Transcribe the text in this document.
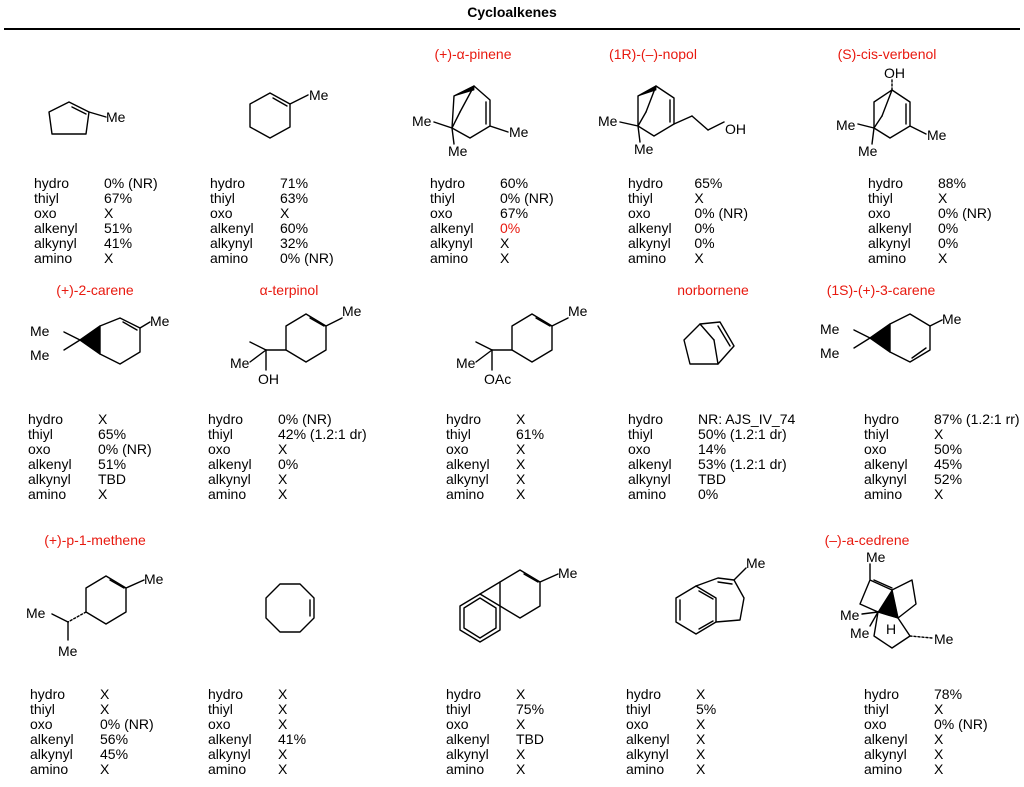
Cycloalkenes
Me
hydro	0% (NR)
thiyl	67%
oxo	X
alkenyl	51%
alkynyl	41%
amino	X
Me
hydro	71%
thiyl	63%
oxo	X
alkenyl	60%
alkynyl	32%
amino	0% (NR)
(+)-α-pinene
Me
Me
Me
hydro	60%
thiyl	0% (NR)
oxo	67%
alkenyl	0%
alkynyl	X
amino	X
(1R)-(–)-nopol
OH
Me
Me
hydro	65%
thiyl	X
oxo	0% (NR)
alkenyl	0%
alkynyl	0%
amino	X
(S)-cis-verbenol
OH
Me
Me
Me
hydro	88%
thiyl	X
oxo	0% (NR)
alkenyl	0%
alkynyl	0%
amino	X
(+)-2-carene
Me
Me
Me
hydro	X
thiyl	65%
oxo	0% (NR)
alkenyl	51%
alkynyl	TBD
amino	X
α-terpinol
Me
Me
OH
hydro	0% (NR)
thiyl	42% (1.2:1 dr)
oxo	X
alkenyl	0%
alkynyl	X
amino	X
Me
Me
OAc
hydro	X
thiyl	61%
oxo	X
alkenyl	X
alkynyl	X
amino	X
norbornene
hydro	NR: AJS_IV_74
thiyl	50% (1.2:1 dr)
oxo	14%
alkenyl	53% (1.2:1 dr)
alkynyl	TBD
amino	0%
(1S)-(+)-3-carene
Me
Me
Me
hydro	87% (1.2:1 rr)
thiyl	X
oxo	50%
alkenyl	45%
alkynyl	52%
amino	X
(+)-p-1-methene
Me
Me
Me
hydro	X
thiyl	X
oxo	0% (NR)
alkenyl	56%
alkynyl	45%
amino	X
hydro	X
thiyl	X
oxo	X
alkenyl	41%
alkynyl	X
amino	X
Me
hydro	X
thiyl	75%
oxo	X
alkenyl	TBD
alkynyl	X
amino	X
Me
hydro	X
thiyl	5%
oxo	X
alkenyl	X
alkynyl	X
amino	X
(–)-a-cedrene
Me
Me
Me H
Me
hydro	78%
thiyl	X
oxo	0% (NR)
alkenyl	X
alkynyl	X
amino	X
